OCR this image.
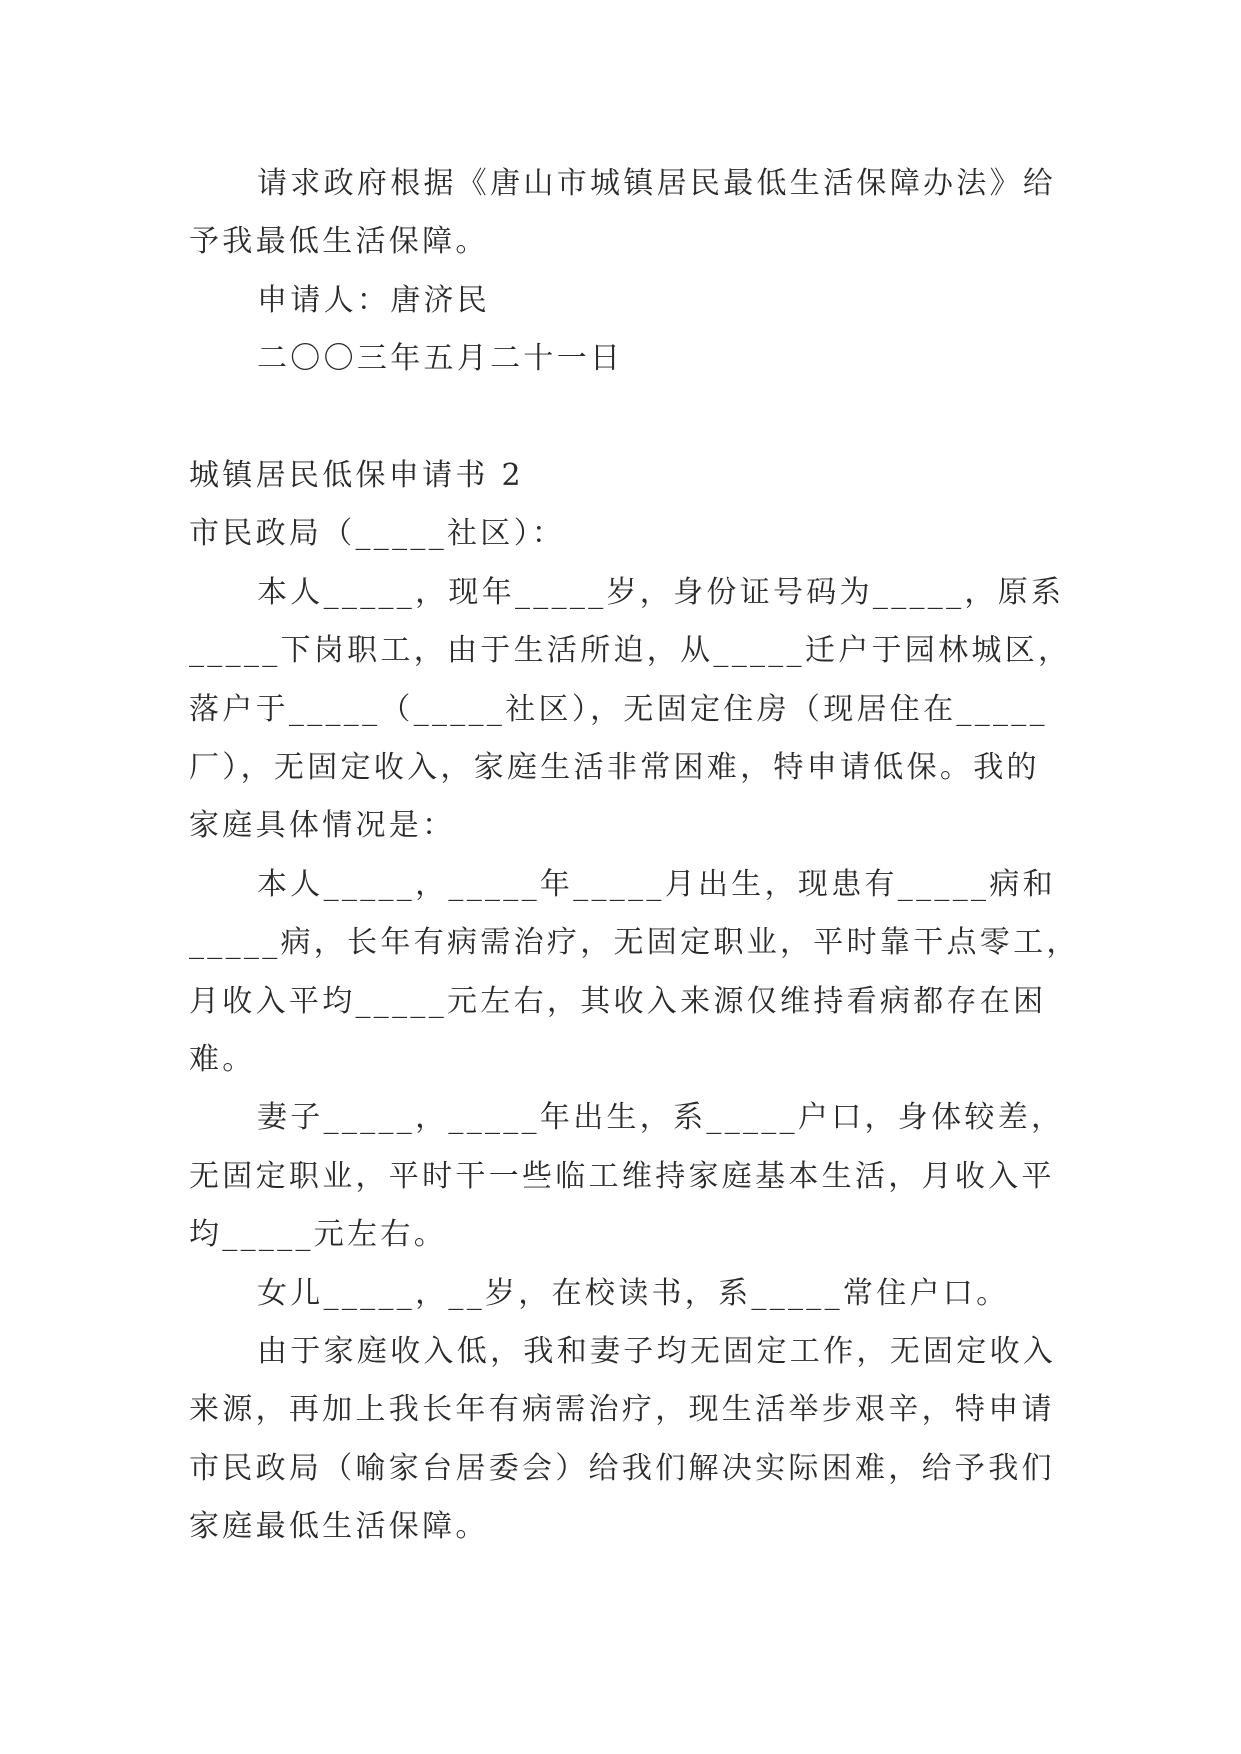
请求政府根据《唐山市城镇居民最低生活保障办法》给
予我最低生活保障。
申请人：唐济民
二〇〇三年五月二十一日
城镇居民低保申请书 2
市民政局（_____社区）：
本人_____，现年_____岁，身份证号码为_____，原系
_____下岗职工，由于生活所迫，从_____迁户于园林城区，
落户于_____（_____社区），无固定住房（现居住在_____
厂），无固定收入，家庭生活非常困难，特申请低保。我的
家庭具体情况是：
本人_____，_____年_____月出生，现患有_____病和
_____病，长年有病需治疗，无固定职业，平时靠干点零工，
月收入平均_____元左右，其收入来源仅维持看病都存在困
难。
妻子_____，_____年出生，系_____户口，身体较差，
无固定职业，平时干一些临工维持家庭基本生活，月收入平
均_____元左右。
女儿_____，__岁，在校读书，系_____常住户口。
由于家庭收入低，我和妻子均无固定工作，无固定收入
来源，再加上我长年有病需治疗，现生活举步艰辛，特申请
市民政局（喻家台居委会）给我们解决实际困难，给予我们
家庭最低生活保障。
